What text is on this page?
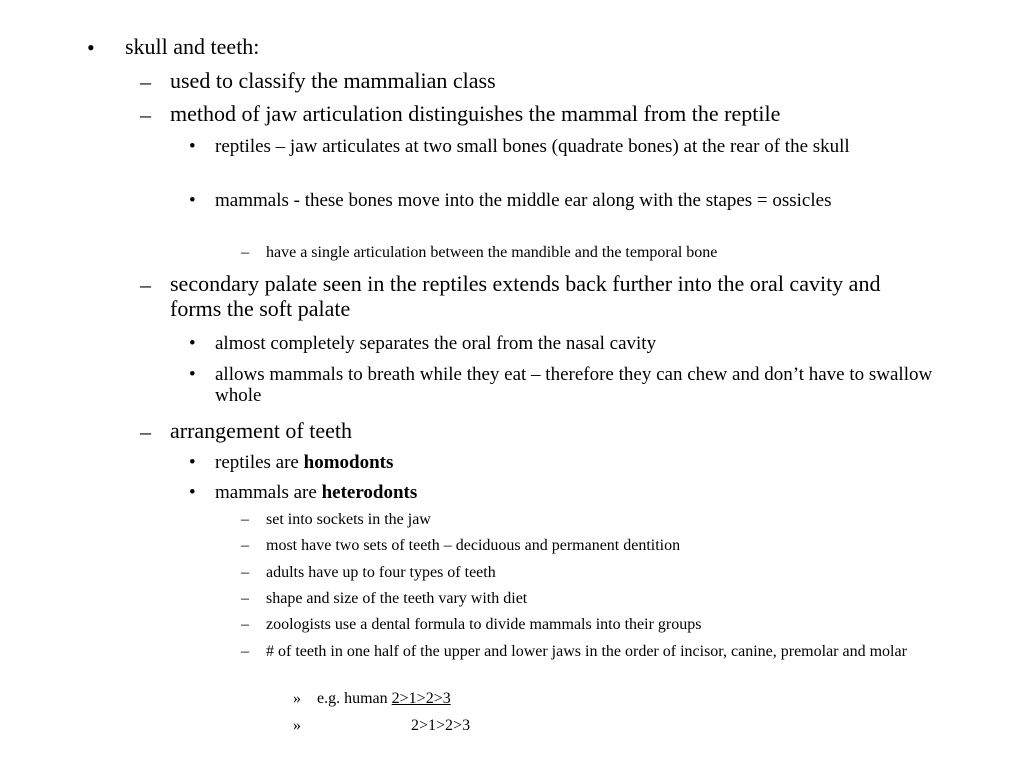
• skull and teeth:
– used to classify the mammalian class
– method of jaw articulation distinguishes the mammal from the reptile
• reptiles – jaw articulates at two small bones (quadrate bones) at the rear of the skull
• mammals - these bones move into the middle ear along with the stapes = ossicles
– have a single articulation between the mandible and the temporal bone
– secondary palate seen in the reptiles extends back further into the oral cavity and forms the soft palate
• almost completely separates the oral from the nasal cavity
• allows mammals to breath while they eat – therefore they can chew and don’t have to swallow whole
– arrangement of teeth
• reptiles are homodonts
• mammals are heterodonts
– set into sockets in the jaw
– most have two sets of teeth – deciduous and permanent dentition
– adults have up to four types of teeth
– shape and size of the teeth vary with diet
– zoologists use a dental formula to divide mammals into their groups
– # of teeth in one half of the upper and lower jaws in the order of incisor, canine, premolar and molar
» e.g. human 2>1>2>3
»	2>1>2>3
